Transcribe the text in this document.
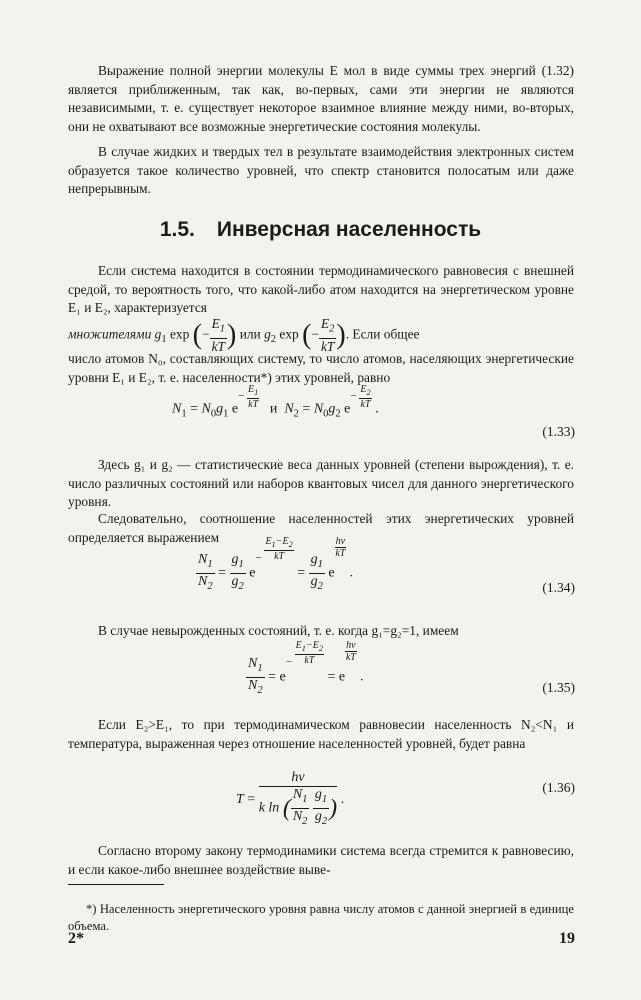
Выражение полной энергии молекулы E мол в виде суммы трех энергий (1.32) является приближенным, так как, во-первых, сами эти энергии не являются независимыми, т. е. существует некоторое взаимное влияние между ними, во-вторых, они не охватывают все возможные энергетические состояния молекулы.

В случае жидких и твердых тел в результате взаимодействия электронных систем образуется такое количество уровней, что спектр становится полосатым или даже непрерывным.

1.5. Инверсная населенность

Если система находится в состоянии термодинамического равновесия с внешней средой, то вероятность того, что какой-либо атом находится на энергетическом уровне E₁ и E₂, характеризуется

множителями $g_1$ exp (− $\frac{E_1}{kT}$ ) или $g_2$ exp (− $\frac{E_2}{kT}$ ). Если общее

число атомов N₀, составляющих систему, то число атомов, населяющих энергетические уровни E₁ и E₂, т. е. населенности*) этих уровней, равно

$N_1 = N_0g_1$ $e^{- \frac{E_1}{kT}}$ и $N_2 = N_0g_2$ $e^{- \frac{E_2}{kT}}$ .
(1.33)

Здесь g₁ и g₂ — статистические веса данных уровней (степени вырождения), т. е. число различных состояний или наборов квантовых чисел для данного энергетического уровня.

Следовательно, соотношение населенностей этих энергетических уровней определяется выражением

$\frac{N_1}{N_2} = \frac{g_1}{g_2} e^{- \frac{E_1-E_2}{kT}}$
= $\frac{g_1}{g_2}$ e
$^{\frac{h\nu}{kT}}$
.
(1.34)

В случае невырожденных состояний, т. е. когда g₁=g₂=1, имеем

$\frac{N_1}{N_2} = e^{- \frac{E_1-E_2}{kT}}$
= e
$^{\frac{h\nu}{kT}}$
.
(1.35)

Если E₂>E₁, то при термодинамическом равновесии населенность N₂<N₁ и температура, выраженная через отношение населенностей уровней, будет равна

T = hν
k ln ( $\frac{N_1}{N_2}$
$\frac{g_1}{g_2}$ ) .
(1.36)

Согласно второму закону термодинамики система всегда стремится к равновесию, и если какое-либо внешнее воздействие выве-

*) Населенность энергетического уровня равна числу атомов с данной энергией в единице объема.

2*	19
